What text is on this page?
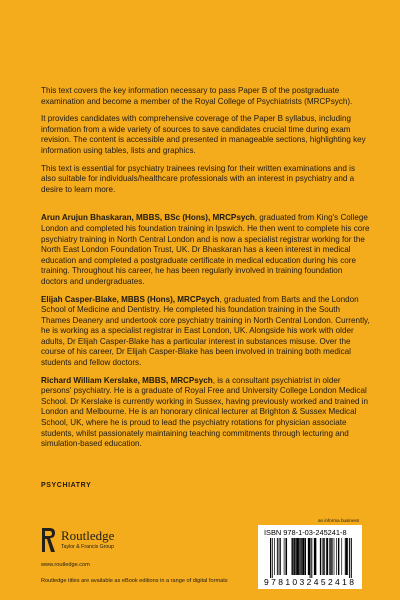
This text covers the key information necessary to pass Paper B of the postgraduate examination and become a member of the Royal College of Psychiatrists (MRCPsych).

It provides candidates with comprehensive coverage of the Paper B syllabus, including information from a wide variety of sources to save candidates crucial time during exam revision. The content is accessible and presented in manageable sections, highlighting key information using tables, lists and graphics.

This text is essential for psychiatry trainees revising for their written examinations and is also suitable for individuals/healthcare professionals with an interest in psychiatry and a desire to learn more.

Arun Arujun Bhaskaran, MBBS, BSc (Hons), MRCPsych, graduated from King's College London and completed his foundation training in Ipswich. He then went to complete his core psychiatry training in North Central London and is now a specialist registrar working for the North East London Foundation Trust, UK. Dr Bhaskaran has a keen interest in medical education and completed a postgraduate certificate in medical education during his core training. Throughout his career, he has been regularly involved in training foundation doctors and undergraduates.

Elijah Casper-Blake, MBBS (Hons), MRCPsych, graduated from Barts and the London School of Medicine and Dentistry. He completed his foundation training in the South Thames Deanery and undertook core psychiatry training in North Central London. Currently, he is working as a specialist registrar in East London, UK. Alongside his work with older adults, Dr Elijah Casper-Blake has a particular interest in substances misuse. Over the course of his career, Dr Elijah Casper-Blake has been involved in training both medical students and fellow doctors.

Richard William Kerslake, MBBS, MRCPsych, is a consultant psychiatrist in older persons' psychiatry. He is a graduate of Royal Free and University College London Medical School. Dr Kerslake is currently working in Sussex, having previously worked and trained in London and Melbourne. He is an honorary clinical lecturer at Brighton & Sussex Medical School, UK, where he is proud to lead the psychiatry rotations for physician associate students, whilst passionately maintaining teaching commitments through lecturing and simulation-based education.

PSYCHIATRY
Routledge
Taylor & Francis Group
www.routledge.com
Routledge titles are available as eBook editions in a range of digital formats
an informa business
ISBN 978-1-03-245241-8
9781032452418
